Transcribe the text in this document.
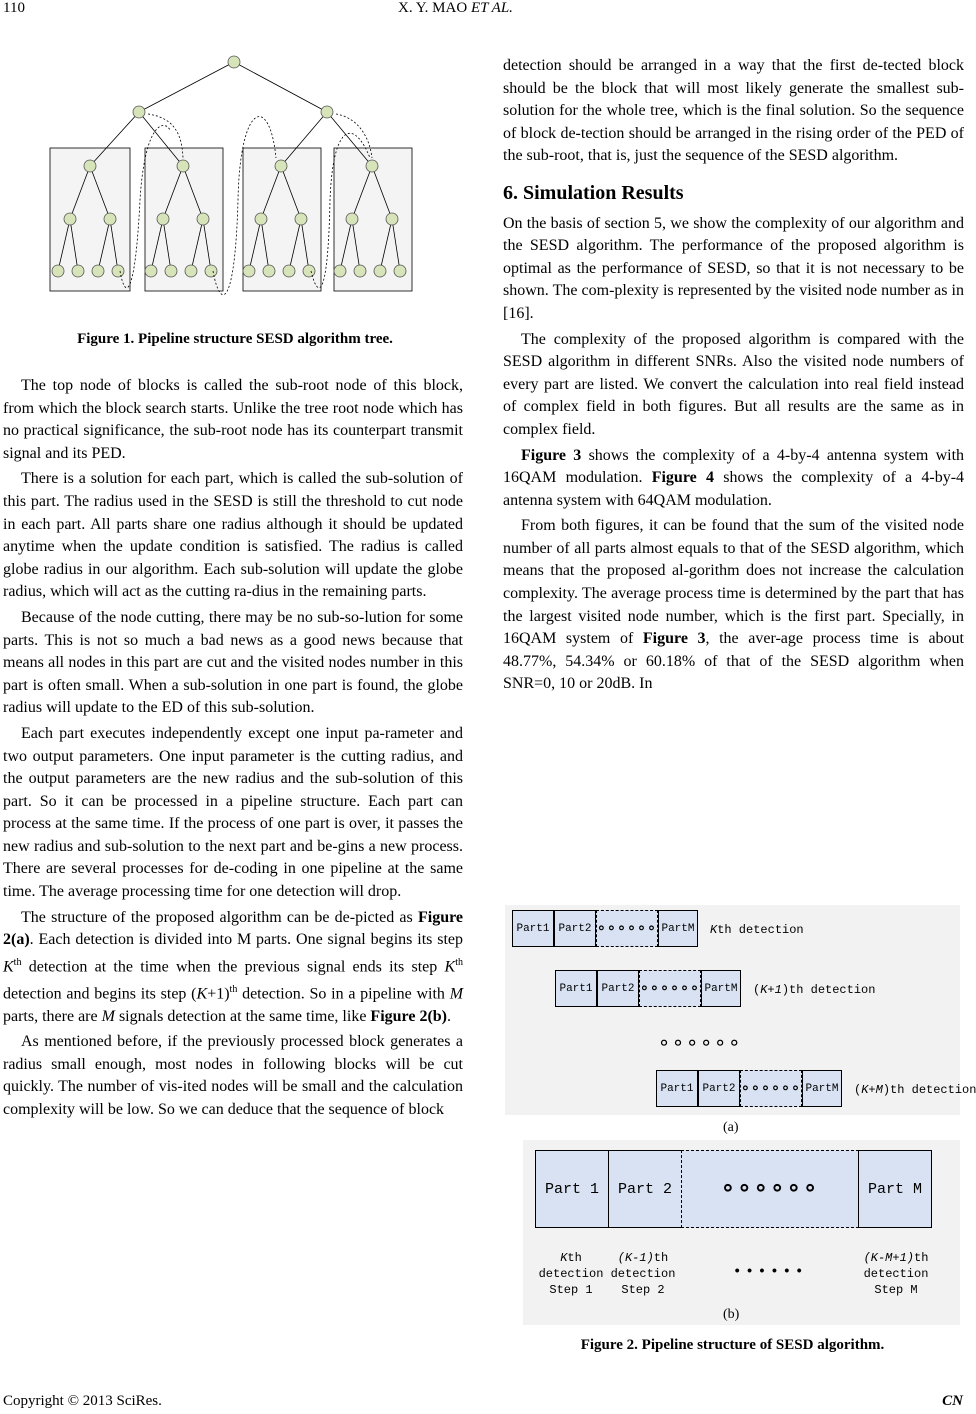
110	X. Y. MAO ET AL.
Figure 1. Pipeline structure SESD algorithm tree.

The top node of blocks is called the sub-root node of this block, from which the block search starts. Unlike the tree root node which has no practical significance, the sub-root node has its counterpart transmit signal and its PED.

There is a solution for each part, which is called the sub-solution of this part. The radius used in the SESD is still the threshold to cut node in each part. All parts share one radius although it should be updated anytime when the update condition is satisfied. The radius is called globe radius in our algorithm. Each sub-solution will update the globe radius, which will act as the cutting ra-dius in the remaining parts.

Because of the node cutting, there may be no sub-so-lution for some parts. This is not so much a bad news as a good news because that means all nodes in this part are cut and the visited nodes number in this part is often small. When a sub-solution in one part is found, the globe radius will update to the ED of this sub-solution.

Each part executes independently except one input pa-rameter and two output parameters. One input parameter is the cutting radius, and the output parameters are the new radius and the sub-solution of this part. So it can be processed in a pipeline structure. Each part can process at the same time. If the process of one part is over, it passes the new radius and sub-solution to the next part and be-gins a new process. There are several processes for de-coding in one pipeline at the same time. The average processing time for one detection will drop.

The structure of the proposed algorithm can be de-picted as Figure 2(a). Each detection is divided into M parts. One signal begins its step $K^{th}$ detection at the time when the previous signal ends its step $K^{th}$ detection and begins its step $(K+1)^{th}$ detection. So in a pipeline with M parts, there are M signals detection at the same time, like Figure 2(b).

As mentioned before, if the previously processed block generates a radius small enough, most nodes in following blocks will be cut quickly. The number of vis-ited nodes will be small and the calculation complexity will be low. So we can deduce that the sequence of block

detection should be arranged in a way that the first de-tected block should be the block that will most likely generate the smallest sub-solution for the whole tree, which is the final solution. So the sequence of block de-tection should be arranged in the rising order of the PED of the sub-root, that is, just the sequence of the SESD algorithm.

6. Simulation Results

On the basis of section 5, we show the complexity of our algorithm and the SESD algorithm. The performance of the proposed algorithm is optimal as the performance of SESD, so that it is not necessary to be shown. The com-plexity is represented by the visited node number as in [16].

The complexity of the proposed algorithm is compared with the SESD algorithm in different SNRs. Also the visited node numbers of every part are listed. We convert the calculation into real field instead of complex field in both figures. But all results are the same as in complex field.

Figure 3 shows the complexity of a 4-by-4 antenna system with 16QAM modulation. Figure 4 shows the complexity of a 4-by-4 antenna system with 64QAM modulation.

From both figures, it can be found that the sum of the visited node number of all parts almost equals to that of the SESD algorithm, which means that the proposed al-gorithm does not increase the calculation complexity. The average process time is determined by the part that has the largest visited node number, which is the first part. Specially, in 16QAM system of Figure 3, the aver-age process time is about 48.77%, 54.34% or 60.18% of that of the SESD algorithm when SNR=0, 10 or 20dB. In

Part1 Part2 ∘∘∘∘∘∘ PartM K th detection
Part1 Part2 ∘∘∘∘∘∘ PartM ( K+1 )th detection
Part1 Part2 ∘∘∘∘∘∘ PartM ( K+M )th detection
∘∘∘∘∘∘
(a)
Part 1	Part 2	∘∘∘∘∘∘	Part M
Kth
detection
Step 1
(K-1)th
detection
Step 2
••••••
(K-M+1)th
detection
Step M
(b)
Figure 2. Pipeline structure of SESD algorithm.
Copyright © 2013 SciRes.	CN
